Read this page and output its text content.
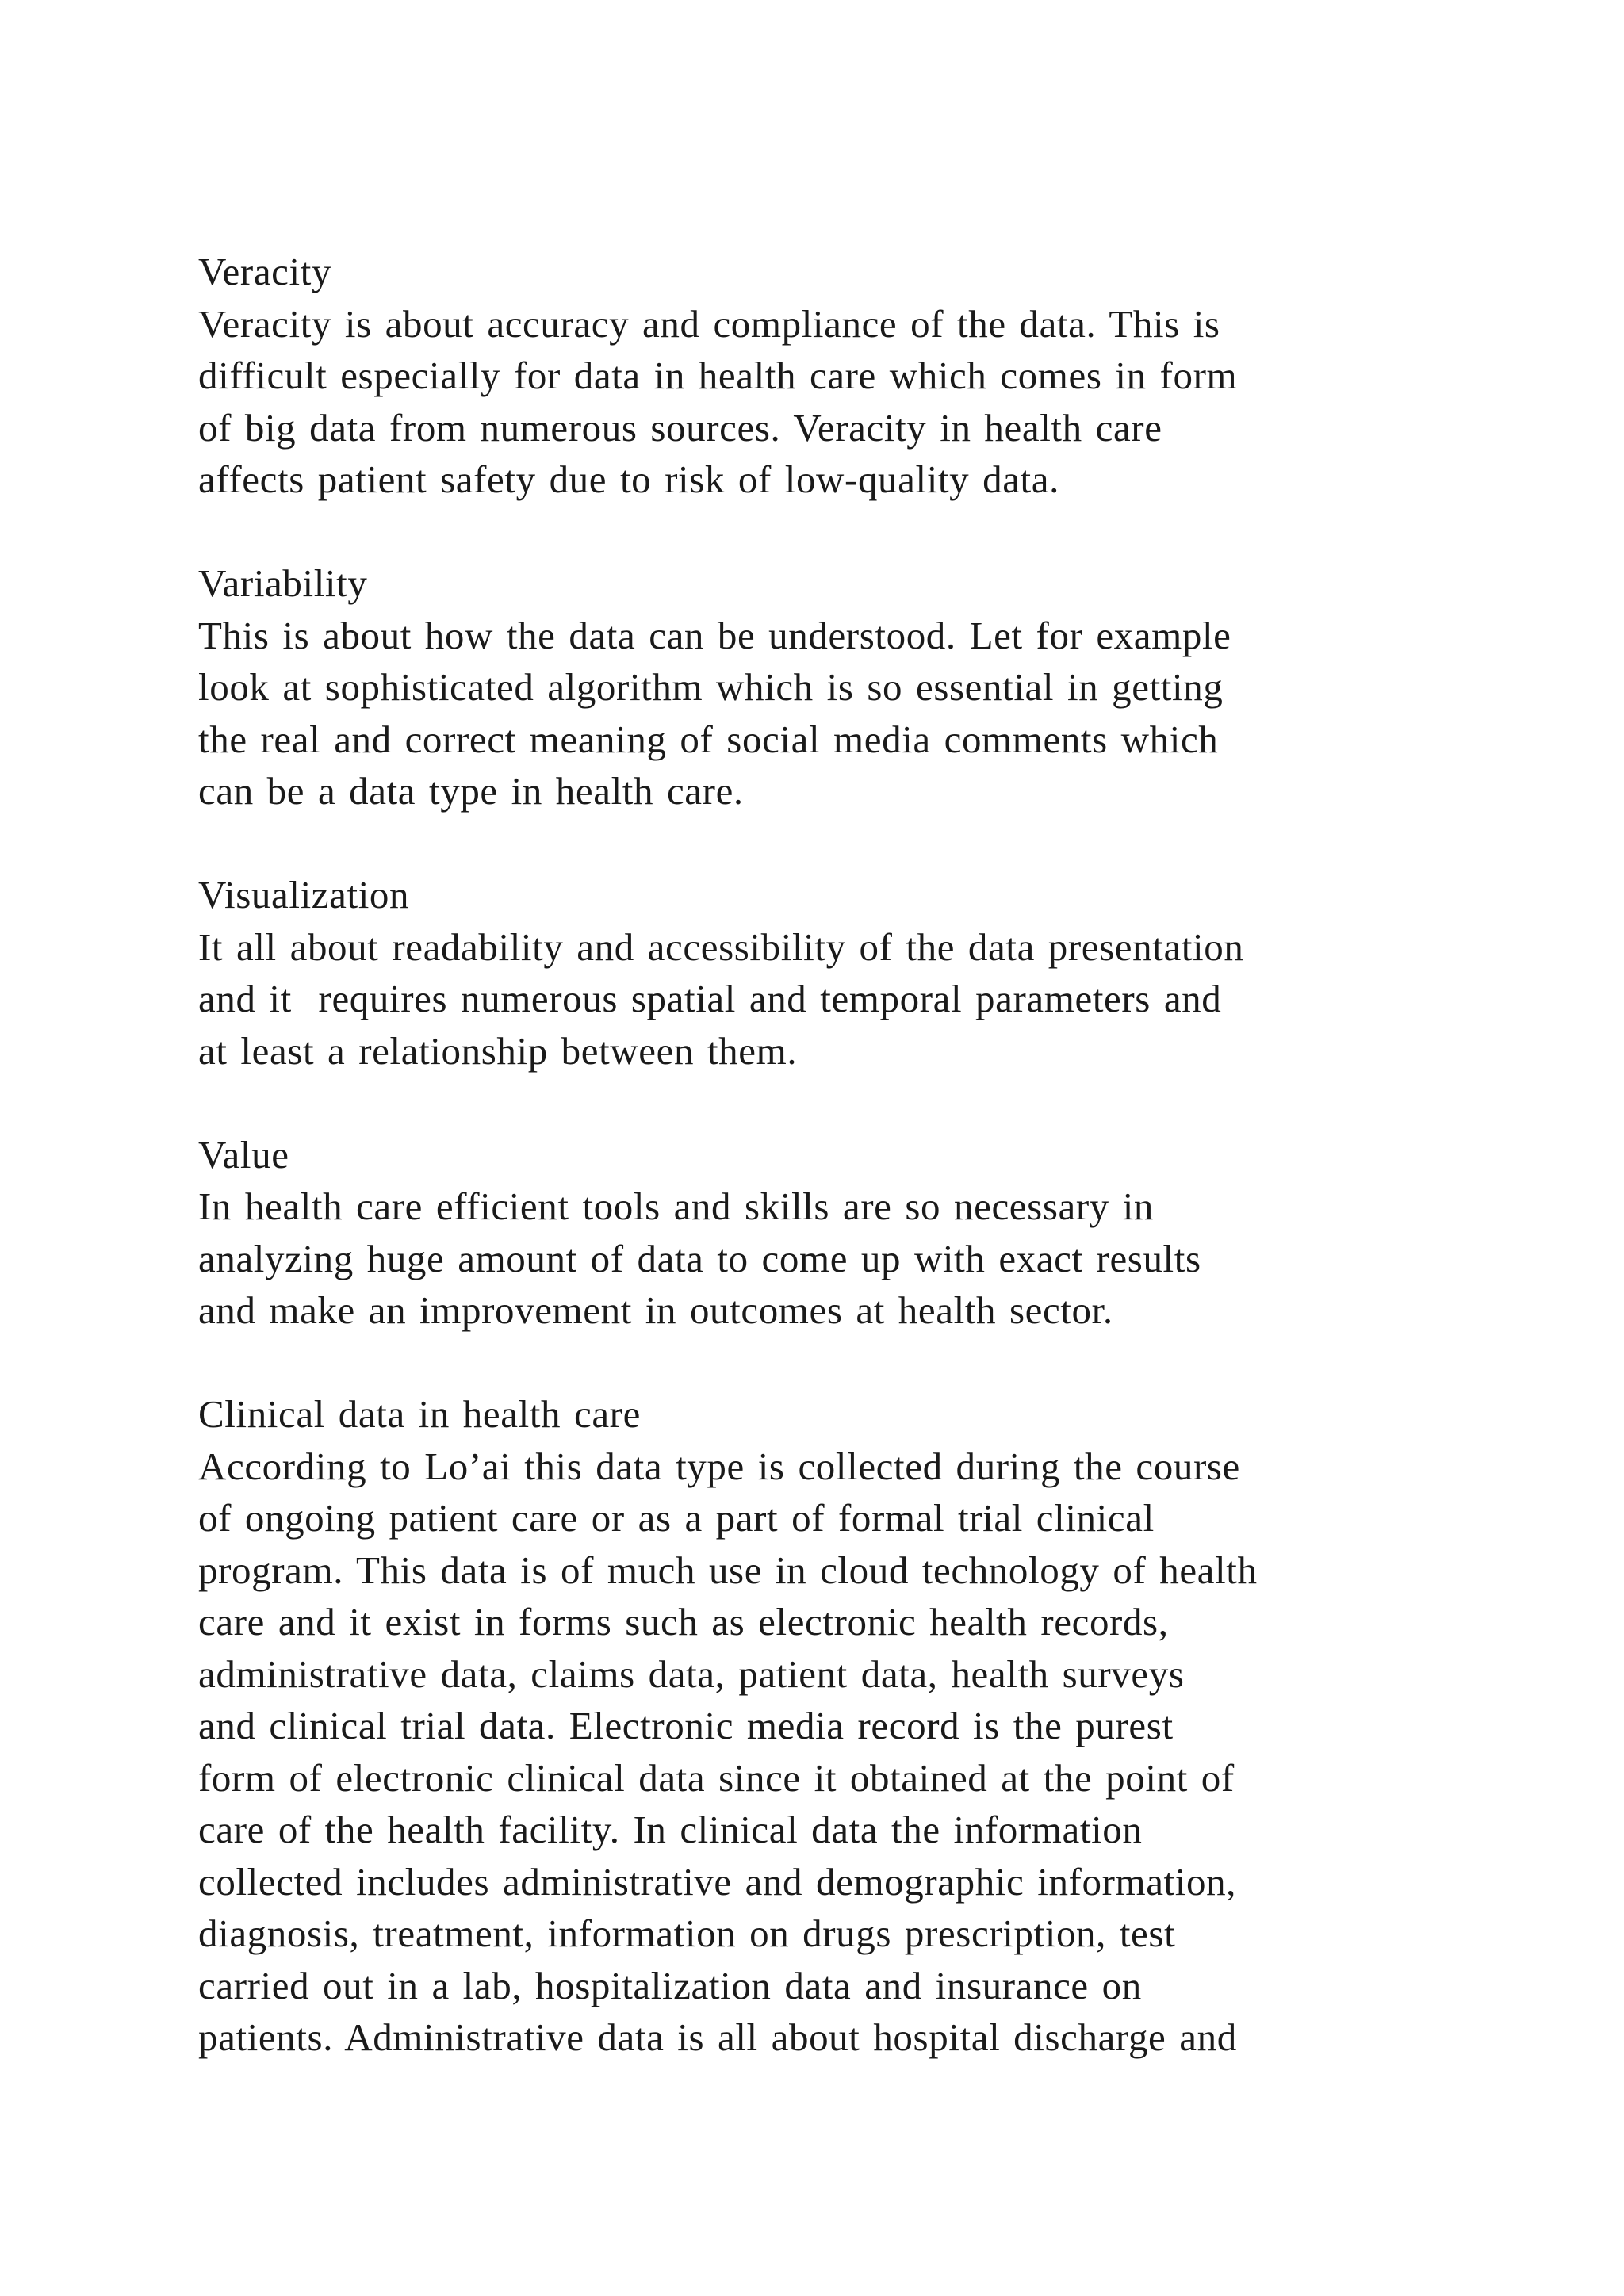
Veracity
Veracity is about accuracy and compliance of the data. This is
difficult especially for data in health care which comes in form
of big data from numerous sources. Veracity in health care
affects patient safety due to risk of low-quality data.
Variability
This is about how the data can be understood. Let for example
look at sophisticated algorithm which is so essential in getting
the real and correct meaning of social media comments which
can be a data type in health care.
Visualization
It all about readability and accessibility of the data presentation
and it  requires numerous spatial and temporal parameters and
at least a relationship between them.
Value
In health care efficient tools and skills are so necessary in
analyzing huge amount of data to come up with exact results
and make an improvement in outcomes at health sector.
Clinical data in health care
According to Lo’ai this data type is collected during the course
of ongoing patient care or as a part of formal trial clinical
program. This data is of much use in cloud technology of health
care and it exist in forms such as electronic health records,
administrative data, claims data, patient data, health surveys
and clinical trial data. Electronic media record is the purest
form of electronic clinical data since it obtained at the point of
care of the health facility. In clinical data the information
collected includes administrative and demographic information,
diagnosis, treatment, information on drugs prescription, test
carried out in a lab, hospitalization data and insurance on
patients. Administrative data is all about hospital discharge and
